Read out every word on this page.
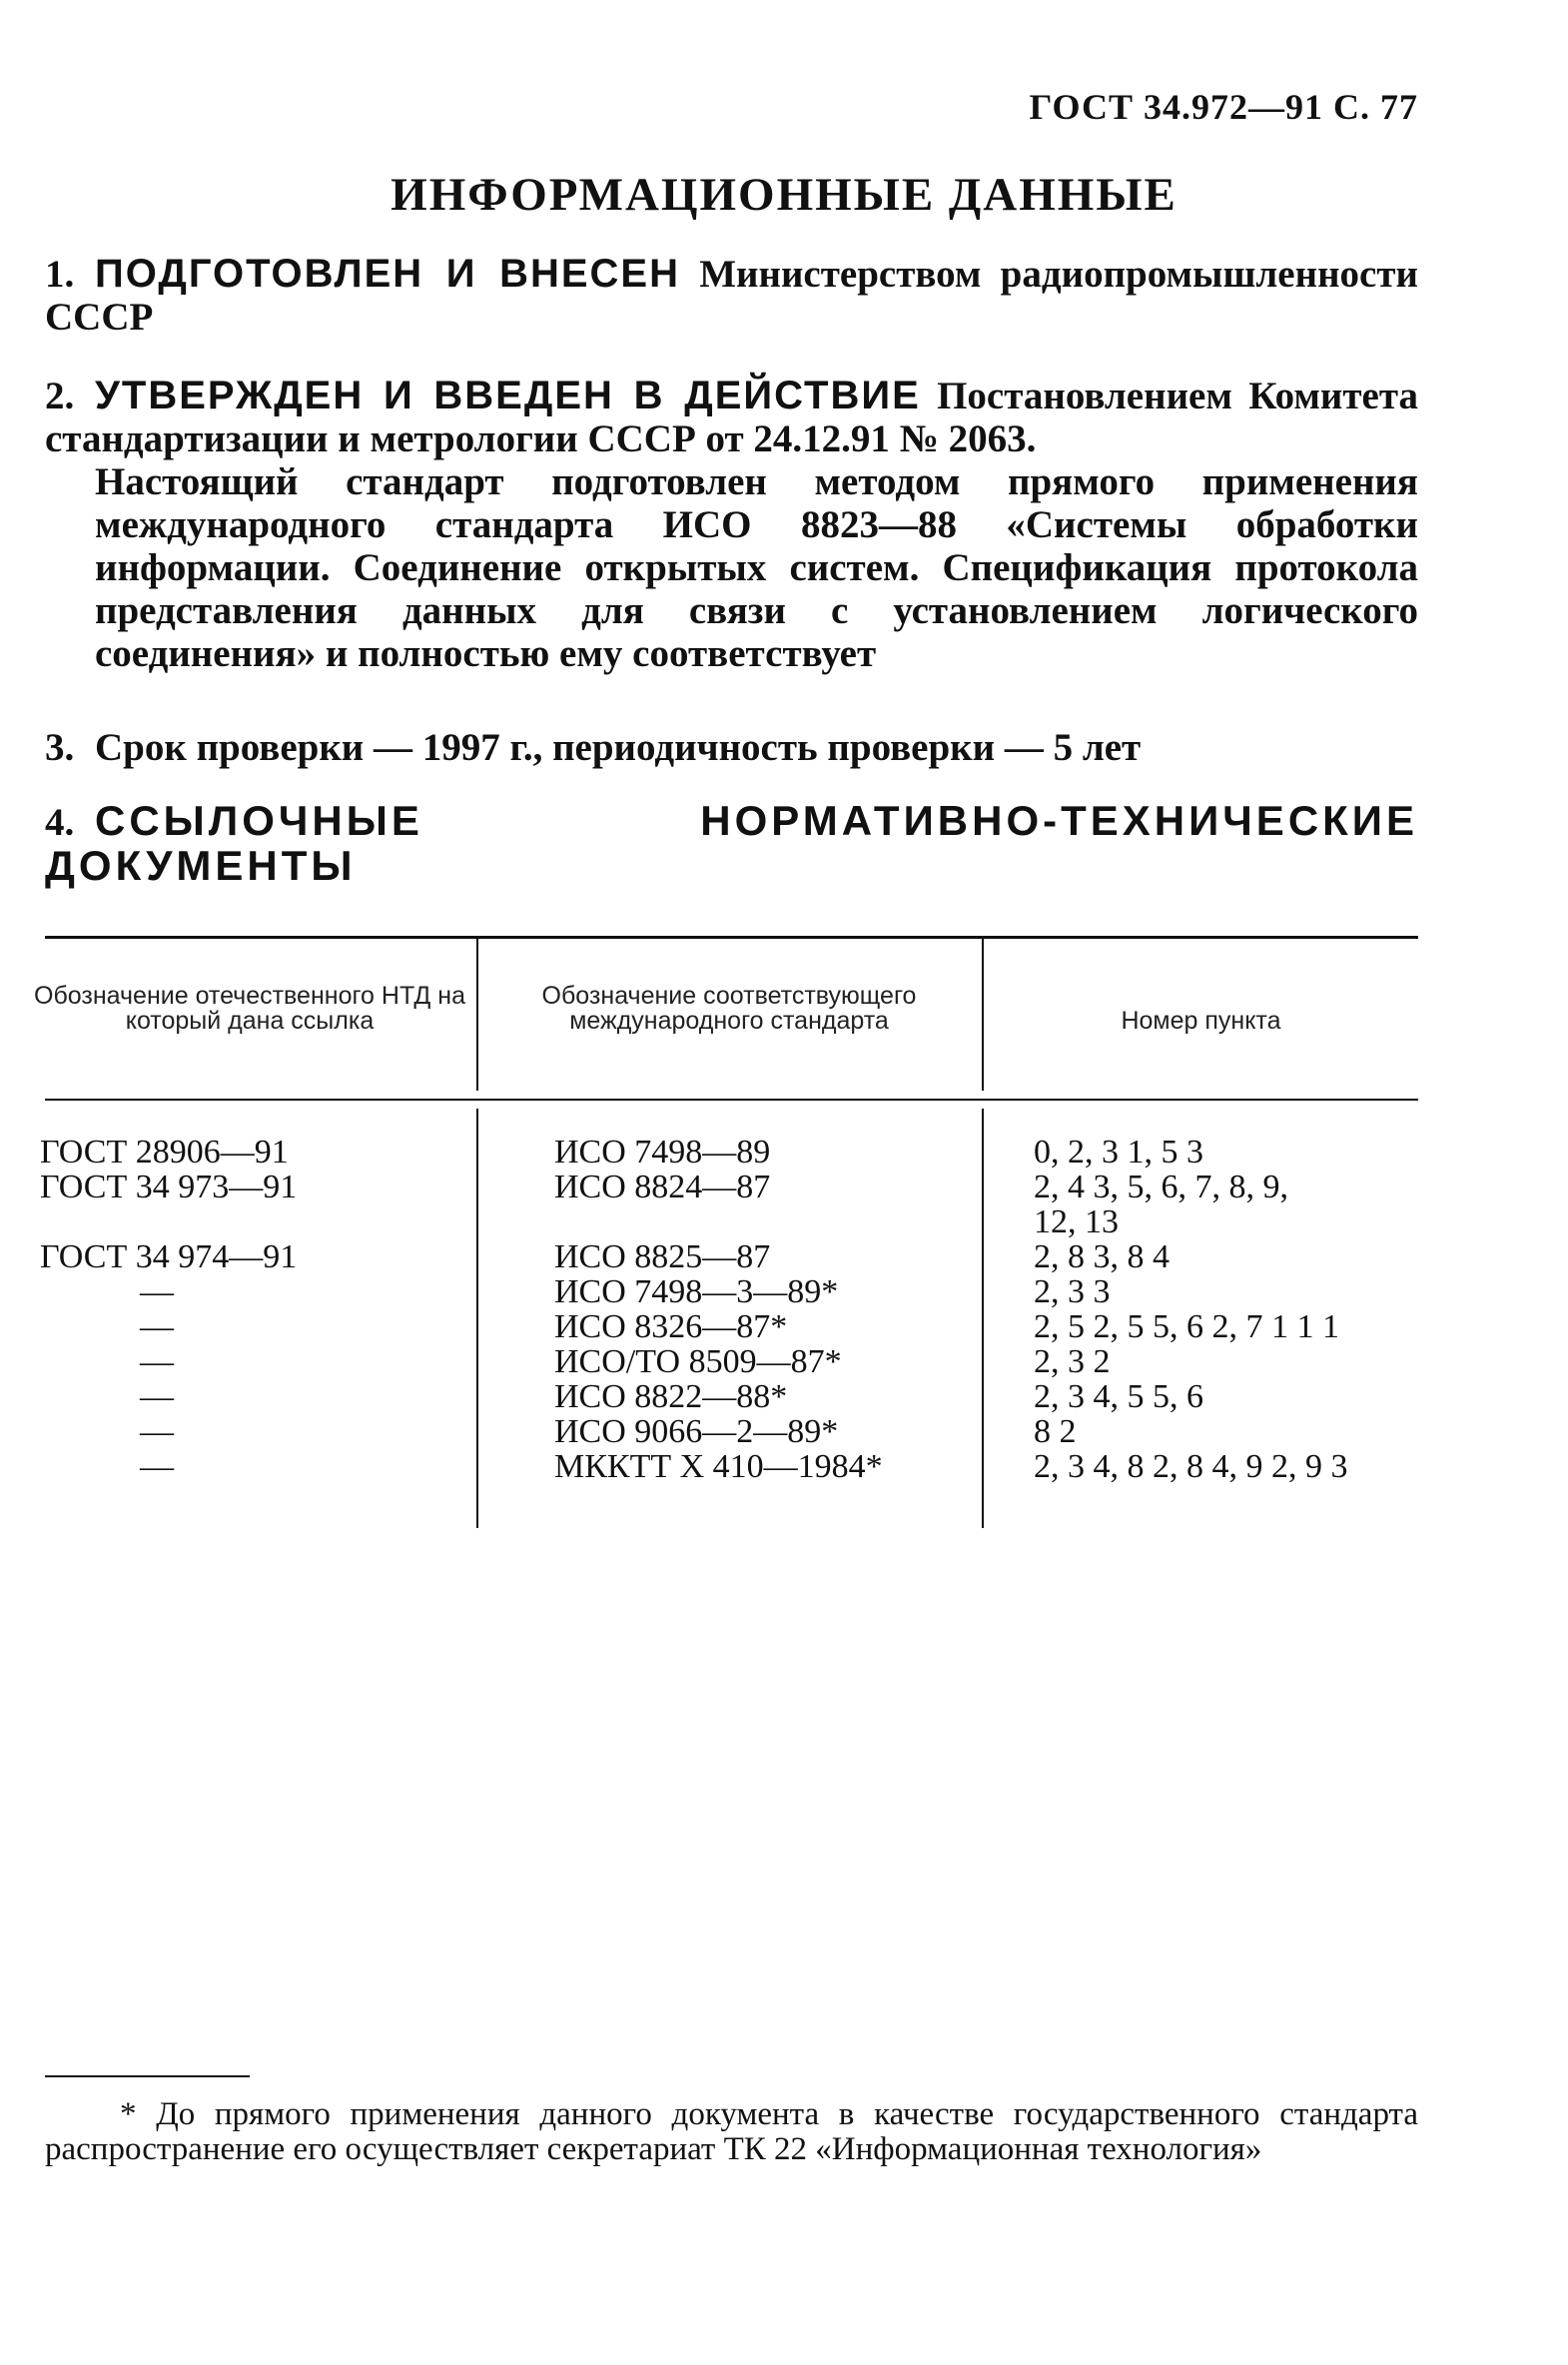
ГОСТ 34.972—91 С. 77
ИНФОРМАЦИОННЫЕ ДАННЫЕ
1. ПОДГОТОВЛЕН И ВНЕСЕН Министерством радиопромышленности СССР
2. УТВЕРЖДЕН И ВВЕДЕН В ДЕЙСТВИЕ Постановлением Комитета стандартизации и метрологии СССР от 24.12.91 № 2063.
Настоящий стандарт подготовлен методом прямого применения международного стандарта ИСО 8823—88 «Системы обработки информации. Соединение открытых систем. Спецификация протокола представления данных для связи с установлением логического соединения» и полностью ему соответствует
3. Срок проверки — 1997 г., периодичность проверки — 5 лет
4. ССЫЛОЧНЫЕ НОРМАТИВНО-ТЕХНИЧЕСКИЕ ДОКУМЕНТЫ
Обозначение отечественного НТД на который дана ссылка
Обозначение соответствующего международного стандарта	Номер пункта
ГОСТ 28906—91
ГОСТ 34 973—91
ГОСТ 34 974—91
—
—
—
—
—
—
ИСО 7498—89
ИСО 8824—87
ИСО 8825—87
ИСО 7498—3—89*
ИСО 8326—87*
ИСО/ТО 8509—87*
ИСО 8822—88*
ИСО 9066—2—89*
МККТТ X 410—1984*
0, 2, 3 1, 5 3
2, 4 3, 5, 6, 7, 8, 9,
12, 13
2, 8 3, 8 4
2, 3 3
2, 5 2, 5 5, 6 2, 7 1 1 1
2, 3 2
2, 3 4, 5 5, 6
8 2
2, 3 4, 8 2, 8 4, 9 2, 9 3
* До прямого применения данного документа в качестве государственного стандарта распространение его осуществляет секретариат ТК 22 «Информационная технология»
